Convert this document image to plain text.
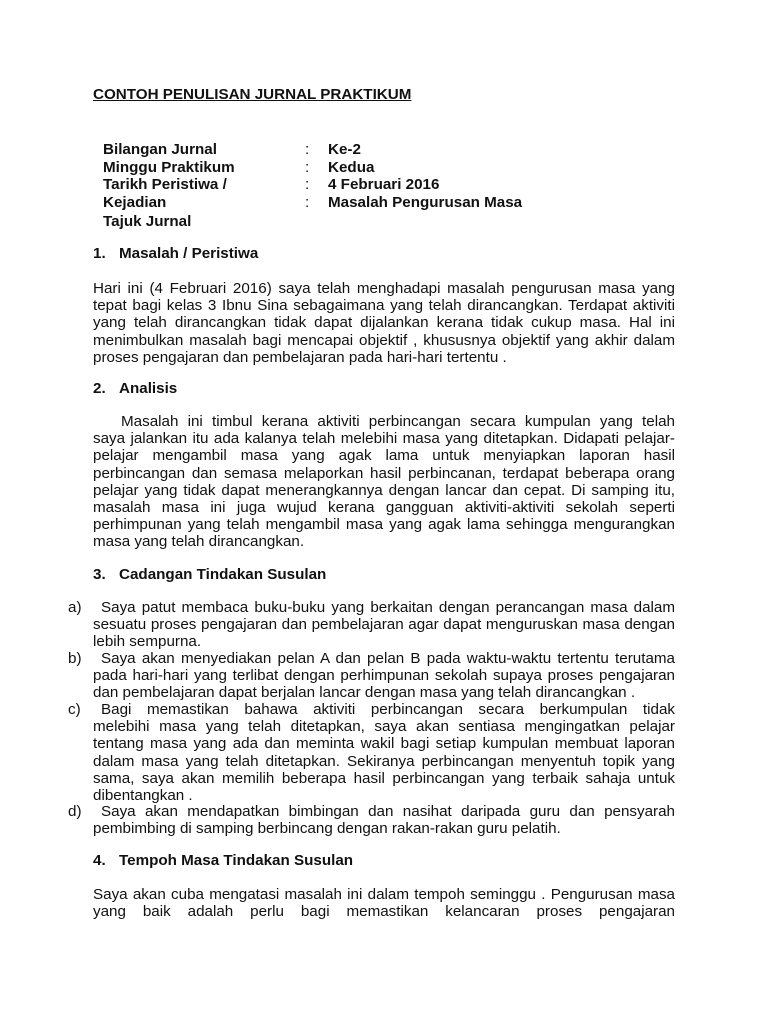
CONTOH PENULISAN JURNAL PRAKTIKUM
Bilangan Jurnal	: Ke-2
Minggu Praktikum	: Kedua
Tarikh Peristiwa /	: 4 Februari 2016
Kejadian	: Masalah Pengurusan Masa
Tajuk Jurnal
1. Masalah / Peristiwa
Hari ini (4 Februari 2016) saya telah menghadapi masalah pengurusan masa yang
tepat bagi kelas 3 Ibnu Sina sebagaimana yang telah dirancangkan. Terdapat aktiviti
yang telah dirancangkan tidak dapat dijalankan kerana tidak cukup masa. Hal ini
menimbulkan masalah bagi mencapai objektif , khususnya objektif yang akhir dalam
proses pengajaran dan pembelajaran pada hari-hari tertentu .
2. Analisis
Masalah ini timbul kerana aktiviti perbincangan secara kumpulan yang telah
saya jalankan itu ada kalanya telah melebihi masa yang ditetapkan. Didapati pelajar-
pelajar mengambil masa yang agak lama untuk menyiapkan laporan hasil
perbincangan dan semasa melaporkan hasil perbincanan, terdapat beberapa orang
pelajar yang tidak dapat menerangkannya dengan lancar dan cepat. Di samping itu,
masalah masa ini juga wujud kerana gangguan aktiviti-aktiviti sekolah seperti
perhimpunan yang telah mengambil masa yang agak lama sehingga mengurangkan
masa yang telah dirancangkan.
3. Cadangan Tindakan Susulan
a)	Saya patut membaca buku-buku yang berkaitan dengan perancangan masa dalam
sesuatu proses pengajaran dan pembelajaran agar dapat menguruskan masa dengan
lebih sempurna.
b)	Saya akan menyediakan pelan A dan pelan B pada waktu-waktu tertentu terutama
pada hari-hari yang terlibat dengan perhimpunan sekolah supaya proses pengajaran
dan pembelajaran dapat berjalan lancar dengan masa yang telah dirancangkan .
c)	Bagi memastikan bahawa aktiviti perbincangan secara berkumpulan tidak
melebihi masa yang telah ditetapkan, saya akan sentiasa mengingatkan pelajar
tentang masa yang ada dan meminta wakil bagi setiap kumpulan membuat laporan
dalam masa yang telah ditetapkan. Sekiranya perbincangan menyentuh topik yang
sama, saya akan memilih beberapa hasil perbincangan yang terbaik sahaja untuk
dibentangkan .
d)	Saya akan mendapatkan bimbingan dan nasihat daripada guru dan pensyarah
pembimbing di samping berbincang dengan rakan-rakan guru pelatih.
4. Tempoh Masa Tindakan Susulan
Saya akan cuba mengatasi masalah ini dalam tempoh seminggu . Pengurusan masa
yang baik adalah perlu bagi memastikan kelancaran proses pengajaran
